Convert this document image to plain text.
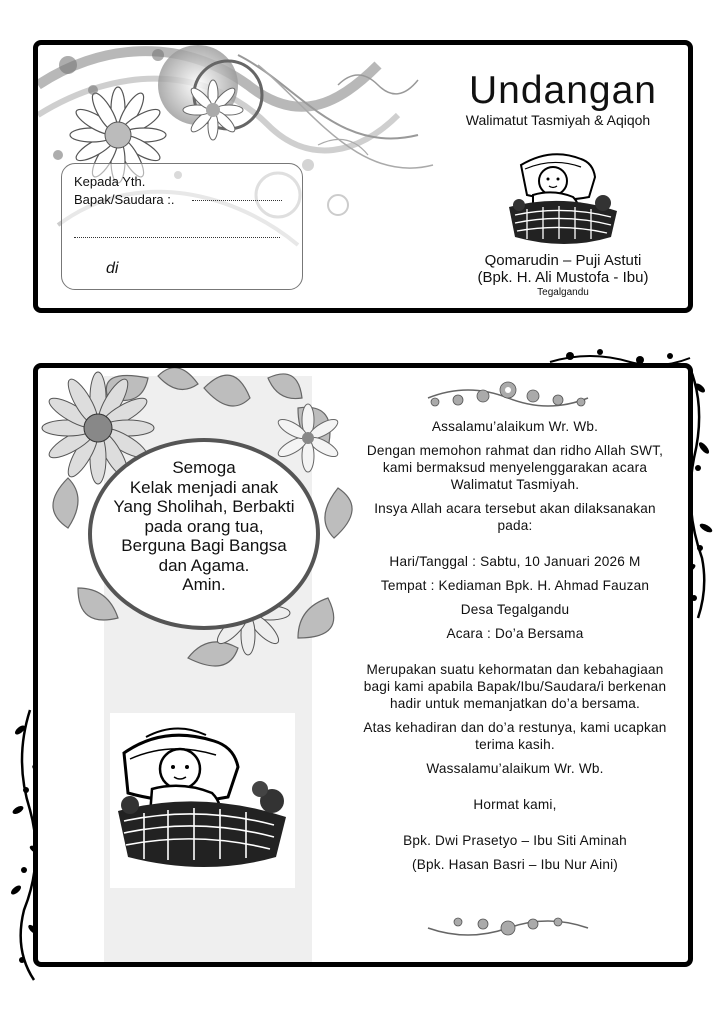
Kepada Yth.
Bapak/Saudara :.
di
Undangan
Walimatut Tasmiyah & Aqiqoh
Qomarudin – Puji Astuti
(Bpk. H. Ali Mustofa - Ibu)
Tegalgandu
Semoga
Kelak menjadi anak
Yang Sholihah, Berbakti
pada orang tua,
Berguna Bagi Bangsa
dan Agama.
Amin.
Assalamu’alaikum Wr. Wb.
Dengan memohon rahmat dan ridho Allah SWT, kami bermaksud menyelenggarakan acara Walimatut Tasmiyah.
Insya Allah acara tersebut akan dilaksanakan pada:
Hari/Tanggal : Sabtu, 10 Januari 2026 M
Tempat : Kediaman Bpk. H. Ahmad Fauzan
Desa Tegalgandu
Acara : Do’a Bersama
Merupakan suatu kehormatan dan kebahagiaan bagi kami apabila Bapak/Ibu/Saudara/i berkenan hadir untuk memanjatkan do’a bersama.
Atas kehadiran dan do’a restunya, kami ucapkan terima kasih.
Wassalamu’alaikum Wr. Wb.
Hormat kami,
Bpk. Dwi Prasetyo – Ibu Siti Aminah
(Bpk. Hasan Basri – Ibu Nur Aini)
